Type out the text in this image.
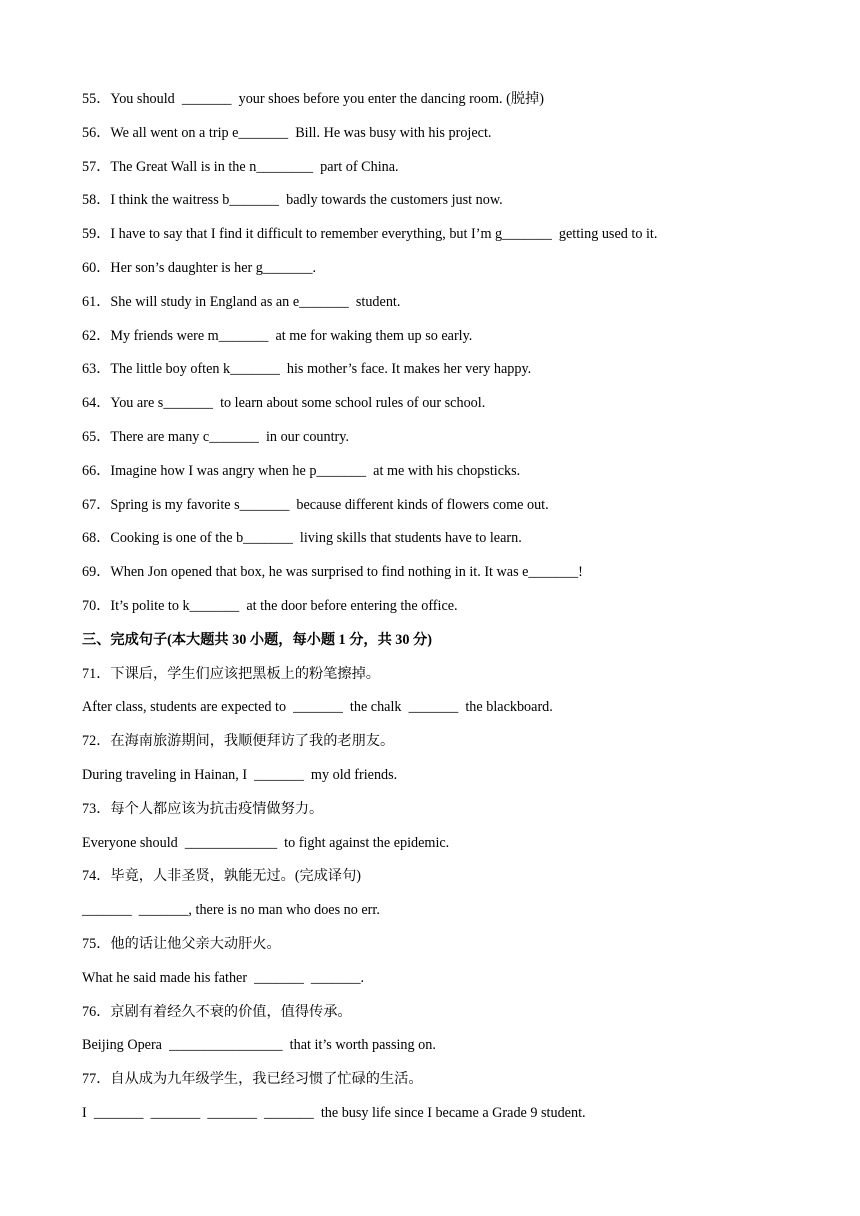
55．You should  _______  your shoes before you enter the dancing room. (脱掉)
56．We all went on a trip e_______  Bill. He was busy with his project.
57．The Great Wall is in the n________  part of China.
58．I think the waitress b_______  badly towards the customers just now.
59．I have to say that I find it difficult to remember everything, but I’m g_______  getting used to it.
60．Her son’s daughter is her g_______.
61．She will study in England as an e_______  student.
62．My friends were m_______  at me for waking them up so early.
63．The little boy often k_______  his mother’s face. It makes her very happy.
64．You are s_______  to learn about some school rules of our school.
65．There are many c_______  in our country.
66．Imagine how I was angry when he p_______  at me with his chopsticks.
67．Spring is my favorite s_______  because different kinds of flowers come out.
68．Cooking is one of the b_______  living skills that students have to learn.
69．When Jon opened that box, he was surprised to find nothing in it. It was e_______!
70．It’s polite to k_______  at the door before entering the office.
三、完成句子(本大题共 30 小题，每小题 1 分，共 30 分)
71．下课后，学生们应该把黑板上的粉笔擦掉。
After class, students are expected to  _______  the chalk  _______  the blackboard.
72．在海南旅游期间，我顺便拜访了我的老朋友。
During traveling in Hainan, I  _______  my old friends.
73．每个人都应该为抗击疫情做努力。
Everyone should  _____________  to fight against the epidemic.
74．毕竟，人非圣贤，孰能无过。(完成译句)
_______  _______, there is no man who does no err.
75．他的话让他父亲大动肝火。
What he said made his father  _______  _______.
76．京剧有着经久不衰的价值，值得传承。
Beijing Opera  ________________  that it’s worth passing on.
77．自从成为九年级学生，我已经习惯了忙碌的生活。
I  _______  _______  _______  _______  the busy life since I became a Grade 9 student.
